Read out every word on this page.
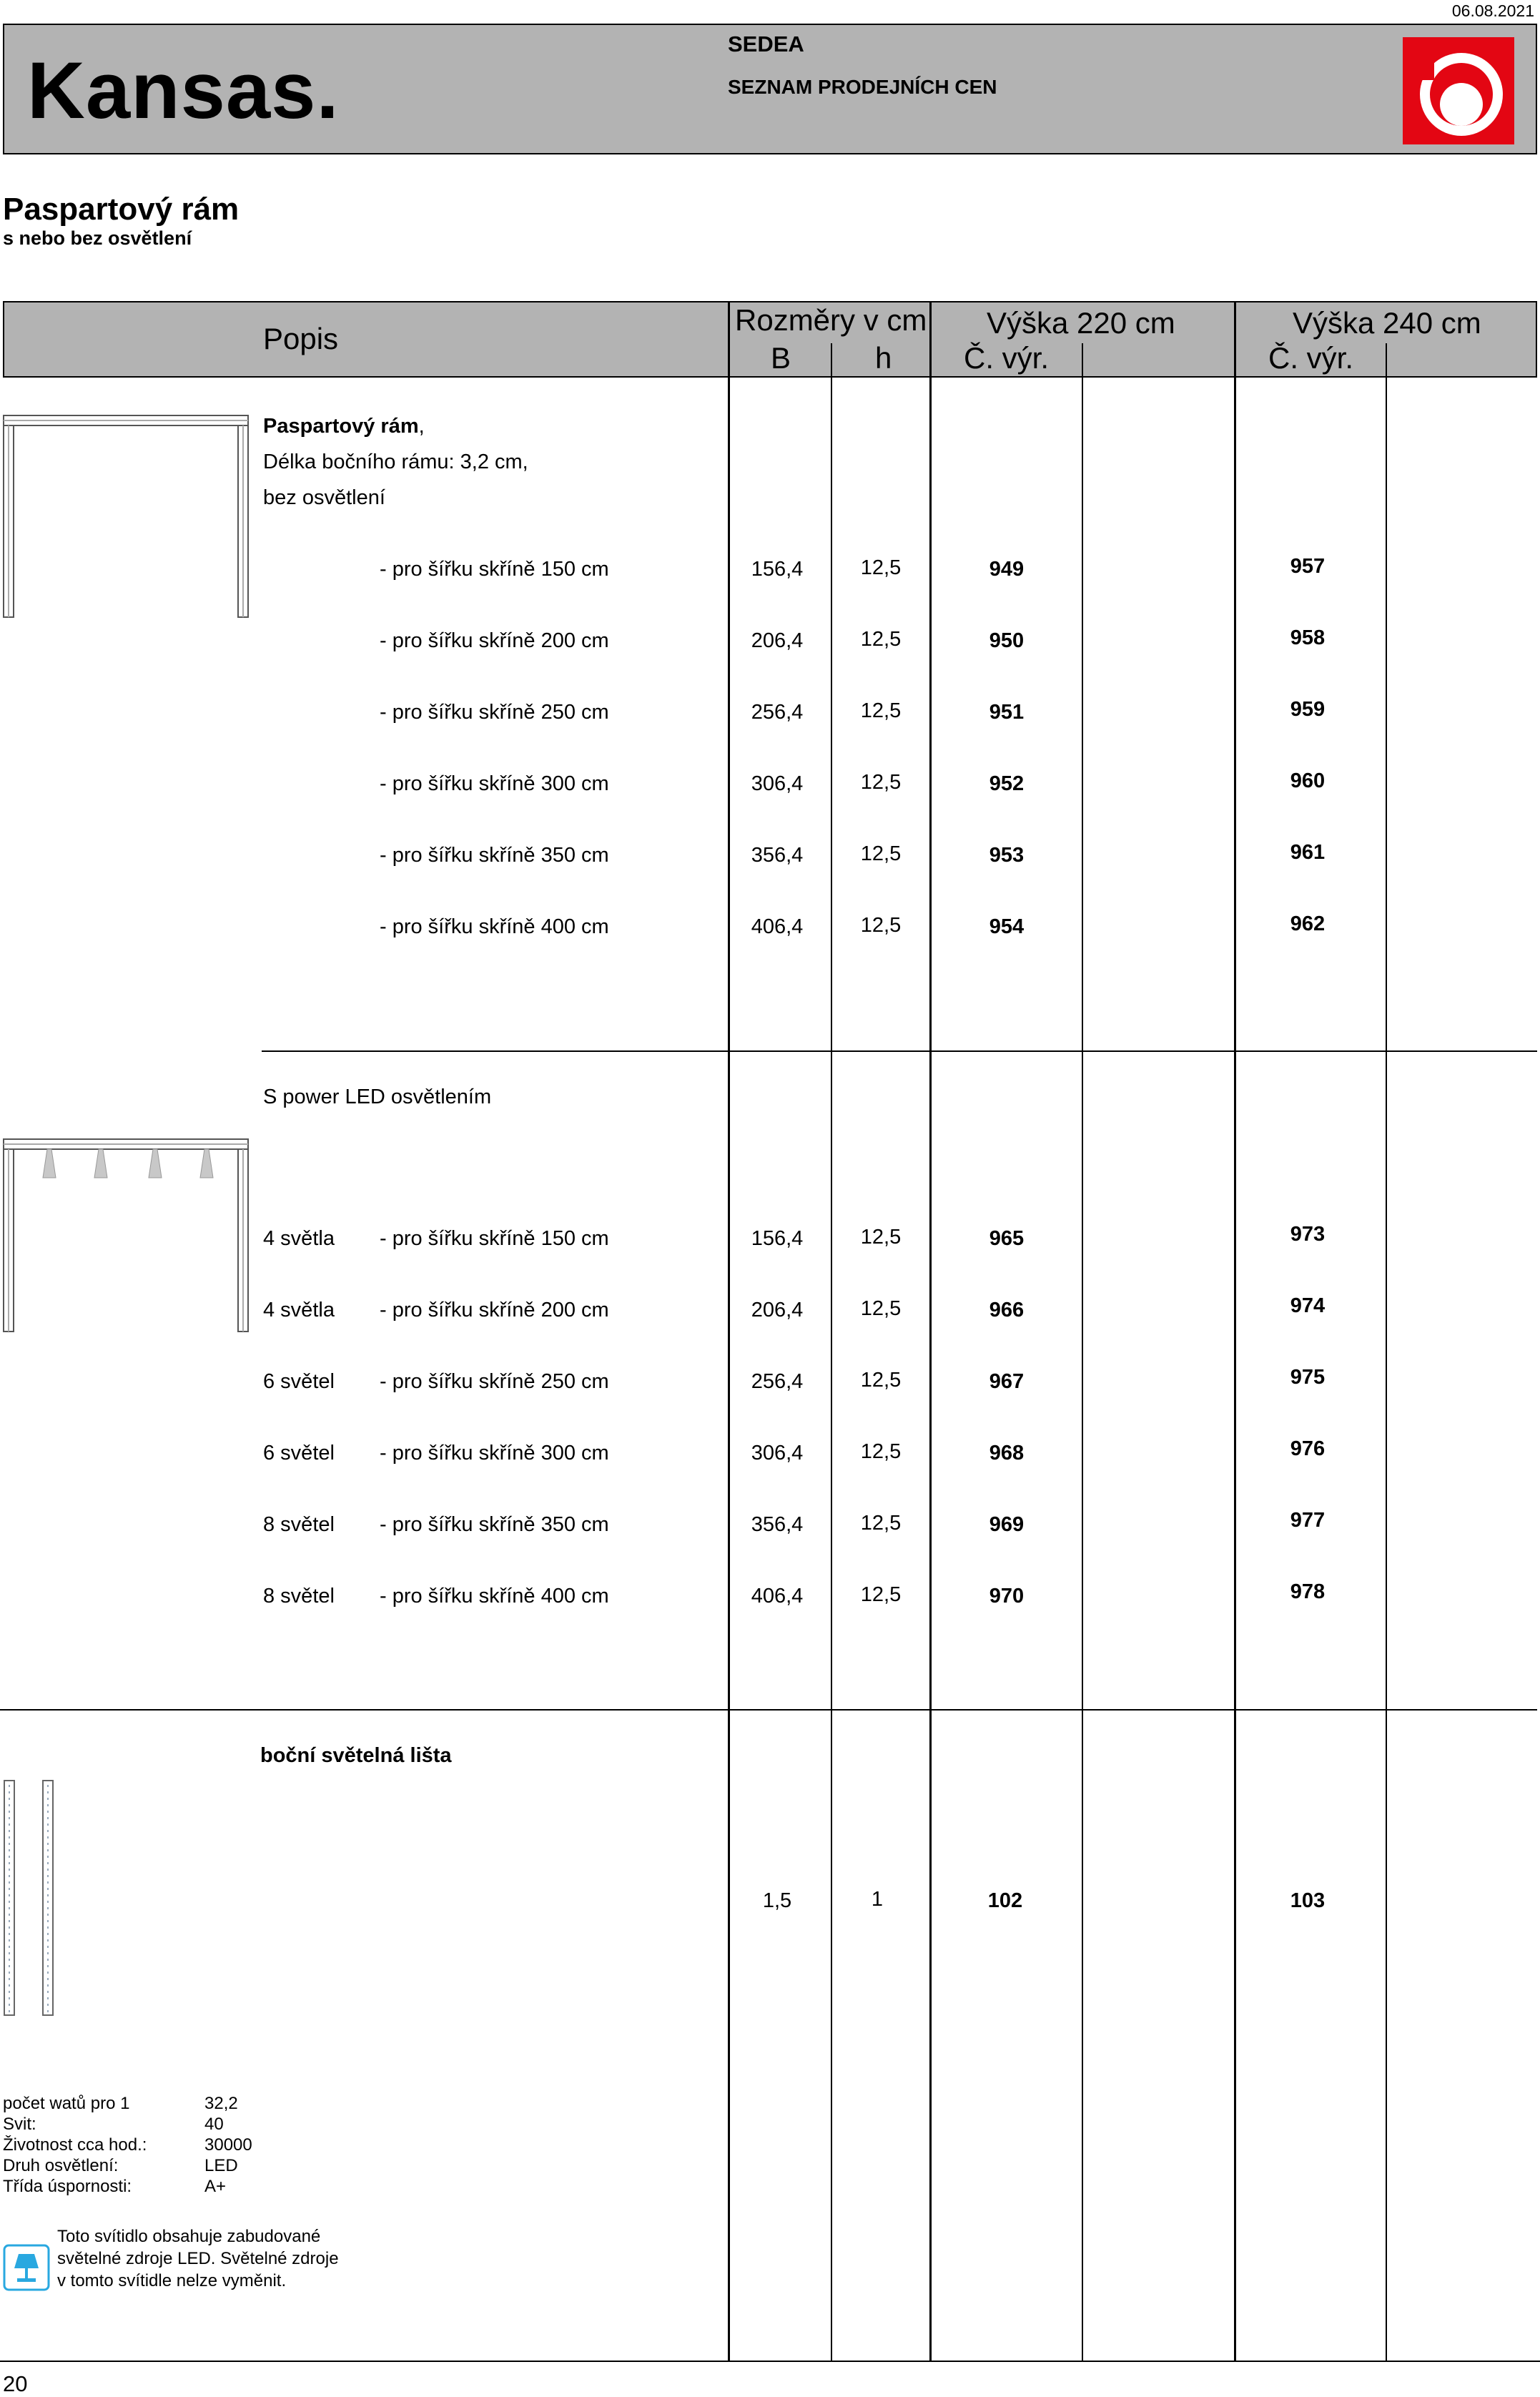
06.08.2021
Kansas.
SEDEA
SEZNAM PRODEJNÍCH CEN
Paspartový rám
s nebo bez osvětlení
Popis
Rozměry v cm
B	h
Výška 220 cm
Č. výr.
Výška 240 cm
Č. výr.
Paspartový rám,
Délka bočního rámu: 3,2 cm,
bez osvětlení
- pro šířku skříně 150 cm	156,4	12,5	949	957
- pro šířku skříně 200 cm	206,4	12,5	950	958
- pro šířku skříně 250 cm	256,4	12,5	951	959
- pro šířku skříně 300 cm	306,4	12,5	952	960
- pro šířku skříně 350 cm	356,4	12,5	953	961
- pro šířku skříně 400 cm	406,4	12,5	954	962
S power LED osvětlením
4 světla - pro šířku skříně 150 cm	156,4	12,5	965	973
4 světla - pro šířku skříně 200 cm	206,4	12,5	966	974
6 světel - pro šířku skříně 250 cm	256,4	12,5	967	975
6 světel - pro šířku skříně 300 cm	306,4	12,5	968	976
8 světel - pro šířku skříně 350 cm	356,4	12,5	969	977
8 světel - pro šířku skříně 400 cm	406,4	12,5	970	978
boční světelná lišta
1,5	1	102	103
počet watů pro 1	32,2
Svit:	40
Životnost cca hod.:	30000
Druh osvětlení:	LED
Třída úspornosti:	A+
Toto svítidlo obsahuje zabudované světelné zdroje LED. Světelné zdroje v tomto svítidle nelze vyměnit.
20
